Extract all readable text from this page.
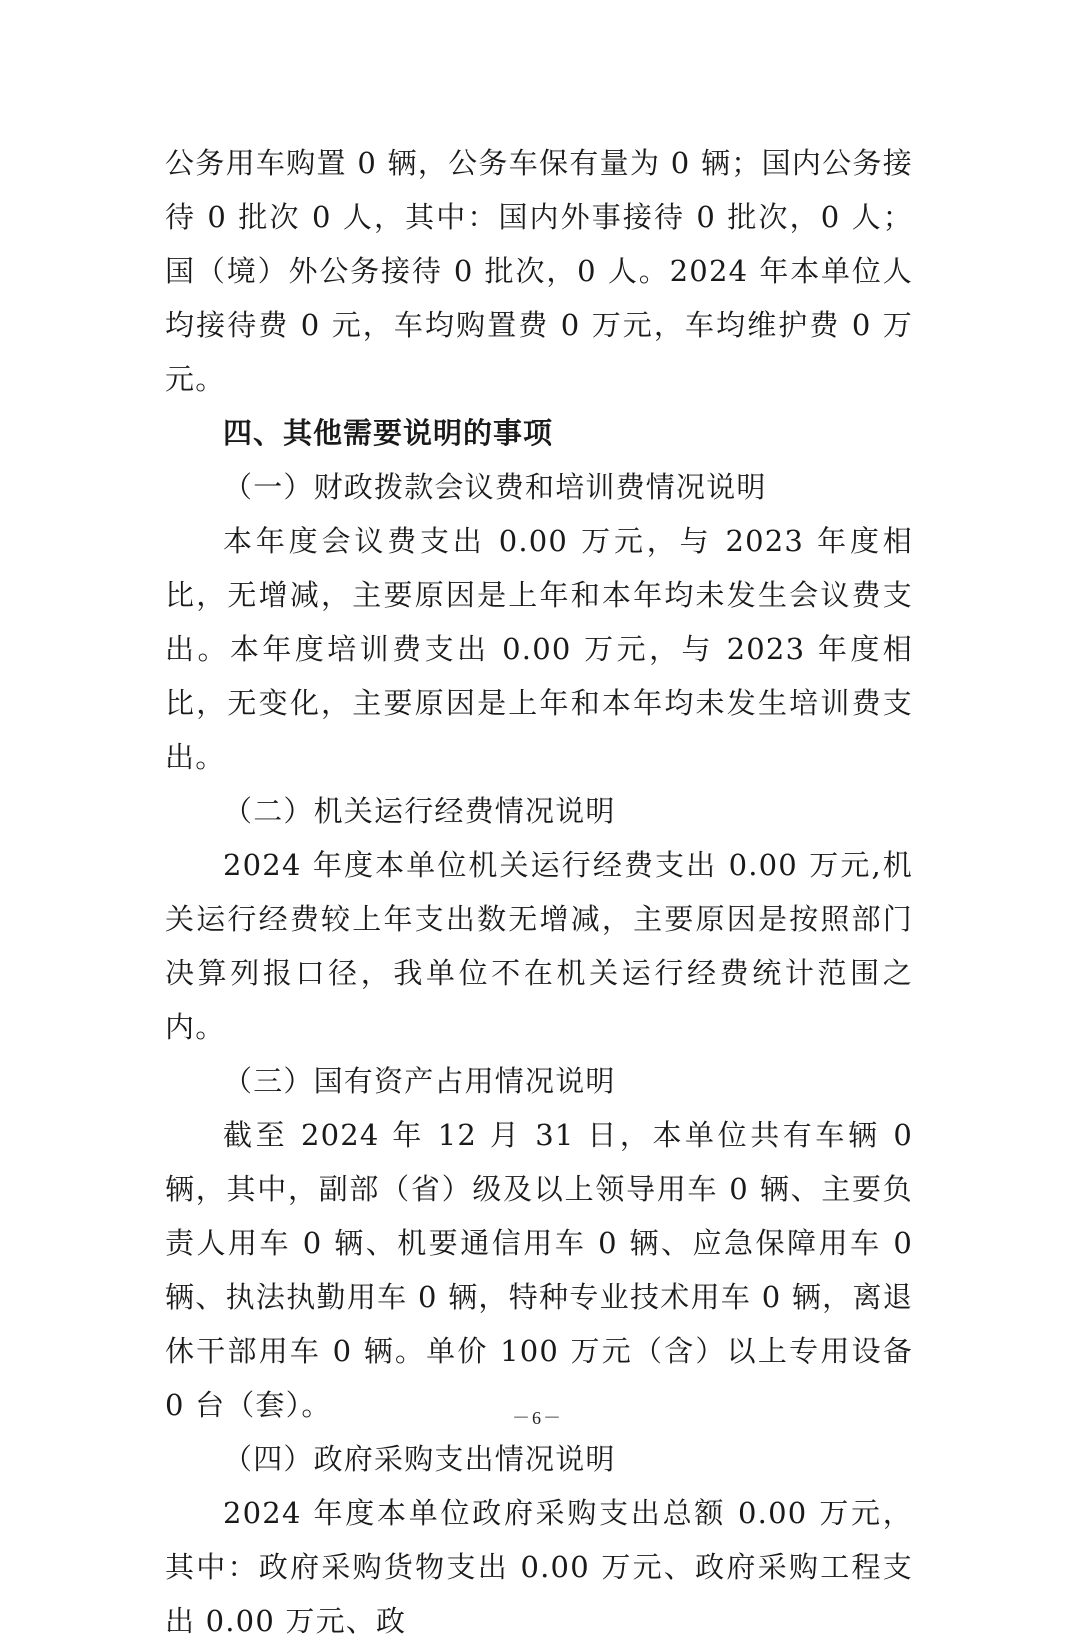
公务用车购置 0 辆，公务车保有量为 0 辆；国内公务接待 0 批次 0 人，其中：国内外事接待 0 批次，0 人；国（境）外公务接待 0 批次，0 人。2024 年本单位人均接待费 0 元，车均购置费 0 万元，车均维护费 0 万元。

四、其他需要说明的事项

（一）财政拨款会议费和培训费情况说明

本年度会议费支出 0.00 万元，与 2023 年度相比，无增减，主要原因是上年和本年均未发生会议费支出。本年度培训费支出 0.00 万元，与 2023 年度相比，无变化，主要原因是上年和本年均未发生培训费支出。

（二）机关运行经费情况说明

2024 年度本单位机关运行经费支出 0.00 万元,机关运行经费较上年支出数无增减，主要原因是按照部门决算列报口径，我单位不在机关运行经费统计范围之内。

（三）国有资产占用情况说明

截至 2024 年 12 月 31 日，本单位共有车辆 0 辆，其中，副部（省）级及以上领导用车 0 辆、主要负责人用车 0 辆、机要通信用车 0 辆、应急保障用车 0 辆、执法执勤用车 0 辆，特种专业技术用车 0 辆，离退休干部用车 0 辆。单价 100 万元（含）以上专用设备 0 台（套）。

（四）政府采购支出情况说明

2024 年度本单位政府采购支出总额 0.00 万元，其中：政府采购货物支出 0.00 万元、政府采购工程支出 0.00 万元、政

－6－
